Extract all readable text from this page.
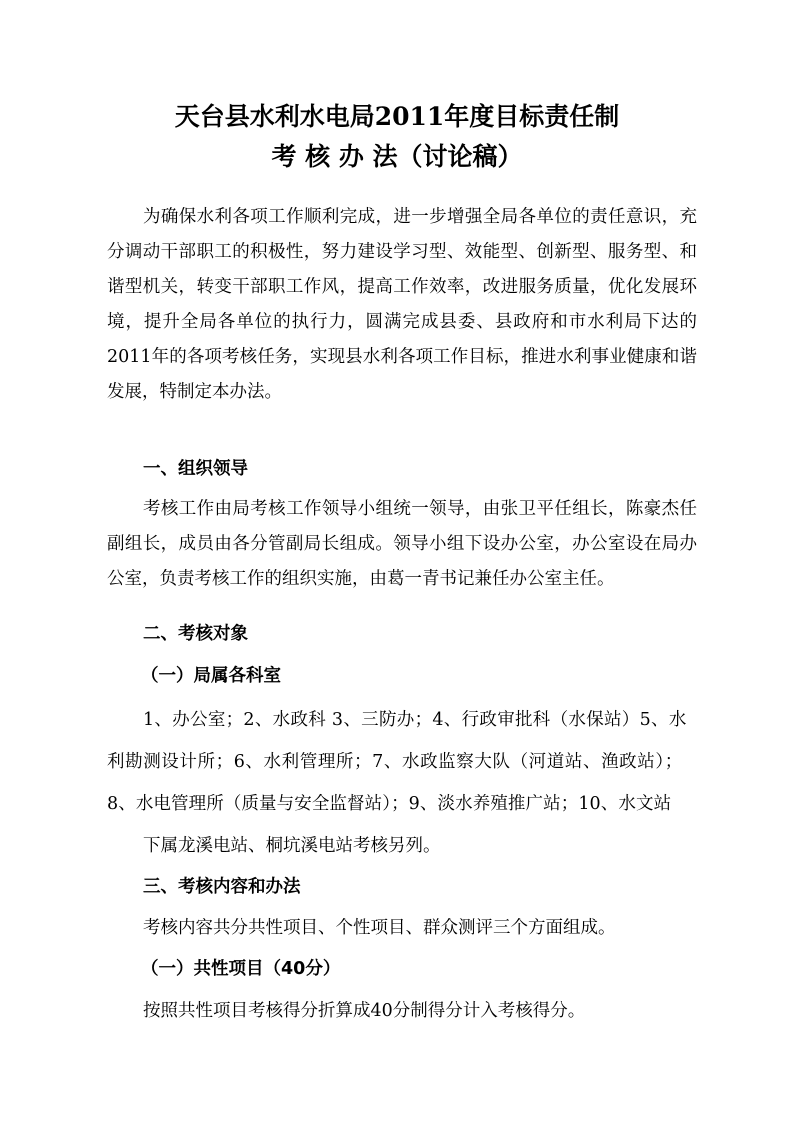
天台县水利水电局2011年度目标责任制
考 核 办 法（讨论稿）

为确保水利各项工作顺利完成，进一步增强全局各单位的责任意识，充分调动干部职工的积极性，努力建设学习型、效能型、创新型、服务型、和谐型机关，转变干部职工作风，提高工作效率，改进服务质量，优化发展环境，提升全局各单位的执行力，圆满完成县委、县政府和市水利局下达的2011年的各项考核任务，实现县水利各项工作目标，推进水利事业健康和谐发展，特制定本办法。

一、组织领导

考核工作由局考核工作领导小组统一领导，由张卫平任组长，陈豪杰任副组长，成员由各分管副局长组成。领导小组下设办公室，办公室设在局办公室，负责考核工作的组织实施，由葛一青书记兼任办公室主任。

二、考核对象

（一）局属各科室

1、办公室；2、水政科 3、三防办；4、行政审批科（水保站）5、水

利勘测设计所；6、水利管理所；7、水政监察大队（河道站、渔政站）；

8、水电管理所（质量与安全监督站）；9、淡水养殖推广站；10、水文站

下属龙溪电站、桐坑溪电站考核另列。

三、考核内容和办法

考核内容共分共性项目、个性项目、群众测评三个方面组成。

（一）共性项目（40分）

按照共性项目考核得分折算成40分制得分计入考核得分。
